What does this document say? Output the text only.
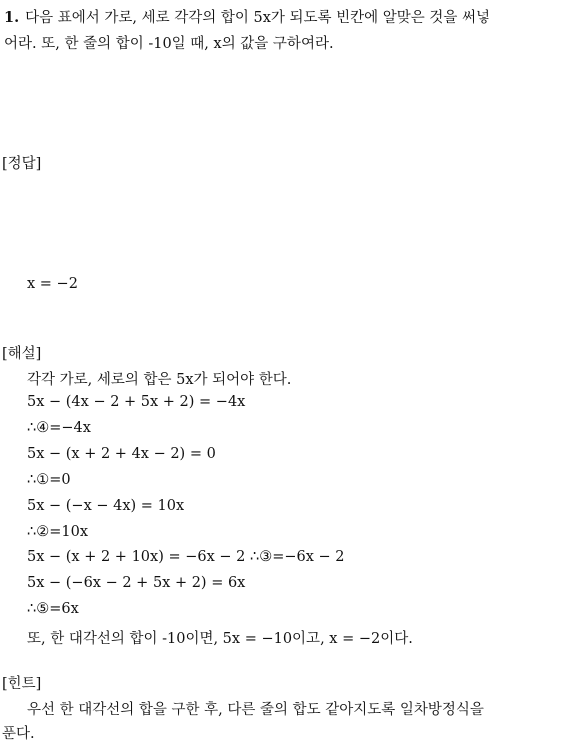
1. 다음 표에서 가로, 세로 각각의 합이 5x가 되도록 빈칸에 알맞은 것을 써넣
어라. 또, 한 줄의 합이 -10일 때, x의 값을 구하여라.
[정답]
x = −2
[해설]
각각 가로, 세로의 합은 5x가 되어야 한다.
5x − (4x − 2 + 5x + 2) = −4x
∴④=−4x
5x − (x + 2 + 4x − 2) = 0
∴①=0
5x − (−x − 4x) = 10x
∴②=10x
5x − (x + 2 + 10x) = −6x − 2 ∴③=−6x − 2
5x − (−6x − 2 + 5x + 2) = 6x
∴⑤=6x
또, 한 대각선의 합이 -10이면, 5x = −10이고, x = −2이다.
[힌트]
우선 한 대각선의 합을 구한 후, 다른 줄의 합도 같아지도록 일차방정식을
푼다.
